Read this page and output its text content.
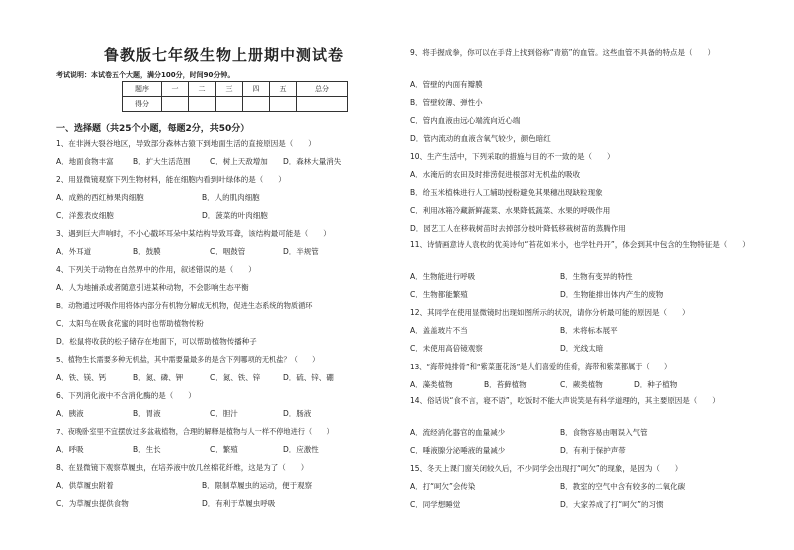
鲁教版七年级生物上册期中测试卷
考试说明：本试卷五个大题，满分100分，时间90分钟。
题序	一	二	三	四	五	总分
得分						
一、选择题（共25个小题，每题2分，共50分）
1、在非洲大裂谷地区，导致部分森林古猿下到地面生活的直接原因是（　　）
A．地面食物丰富	B．扩大生活范围	C．树上天敌增加 D．森林大量消失
2、用显微镜观察下列生物材料，能在细胞内看到叶绿体的是（　　）
A．成熟的西红柿果肉细胞	B．人的肌肉细胞
C．洋葱表皮细胞	D．菠菜的叶肉细胞
3、遇到巨大声响时，不小心戳坏耳朵中某结构导致耳聋，该结构最可能是（　　）
A．外耳道	B．鼓膜	C．咽鼓管	D．半规管
4、下列关于动物在自然界中的作用，叙述错误的是（　　）
A．人为地捕杀或者随意引进某种动物，不会影响生态平衡
B．动物通过呼吸作用将体内部分有机物分解成无机物，促进生态系统的物质循环
C．太阳鸟在吸食花蜜的同时也帮助植物传粉
D．松鼠将收获的松子储存在地面下，可以帮助植物传播种子
5、植物生长需要多种无机盐，其中需要量最多的是含下列哪项的无机盐？（　　）
A．铁、镁、钙	B．氮、磷、钾	C．氮、铁、锌	D．硫、锌、硼
6、下列消化液中不含消化酶的是（　　）
A．胰液	B．胃液	C．胆汁	D．肠液
7、夜晚卧室里不宜摆放过多盆栽植物，合理的解释是植物与人一样不停地进行（　　）
A．呼吸	B．生长	C．繁殖	D．应激性
8、在显微镜下观察草履虫，在培养液中放几丝棉花纤维，这是为了（　　）
A．供草履虫附着	B．限制草履虫的运动，便于观察
C．为草履虫提供食物	D．有利于草履虫呼吸
9、将手握成拳，你可以在手背上找到俗称“青筋”的血管。这些血管不具备的特点是（　　）
A．管壁的内面有瓣膜
B．管壁较薄、弹性小
C．管内血液由远心端流向近心端
D．管内流动的血液含氧气较少，颜色暗红
10、生产生活中，下列采取的措施与目的不一致的是（　　）
A．水淹后的农田及时排涝促进根部对无机盐的吸收
B．给玉米植株进行人工辅助授粉避免其果穗出现缺粒现象
C．利用冰箱冷藏新鲜蔬菜、水果降低蔬菜、水果的呼吸作用
D．园艺工人在移栽树苗时去掉部分枝叶降低移栽树苗的蒸腾作用
11、诗情画意诗人袁枚的优美诗句“苔花如米小，也学牡丹开”，体会到其中包含的生物特征是（　　）
A．生物能进行呼吸	B．生物有变异的特性
C．生物都能繁殖	D．生物能排出体内产生的废物
12、其同学在使用显微镜时出现如图所示的状况，请你分析最可能的原因是（　　）
A．盖盖玻片不当	B．未将标本展平
C．未使用高倍镜观察	D．光线太暗
13、“海带炖排骨”和“紫菜蛋花汤”是人们喜爱的佳肴，海带和紫菜都属于（　　）
A．藻类植物	B．苔藓植物	C．蕨类植物	D．种子植物
14、俗话说“食不言，寝不语”，吃饭时不能大声说笑是有科学道理的，其主要原因是（　　）
A．流经消化器官的血量减少	B．食物容易由咽误入气管
C．唾液腺分泌唾液的量减少	D．有利于保护声带
15、冬天上课门窗关闭较久后，不少同学会出现打“呵欠”的现象，是因为（　　）
A．打“呵欠”会传染	B．教室的空气中含有较多的二氧化碳
C．同学想睡觉	D．大家养成了打“呵欠”的习惯
